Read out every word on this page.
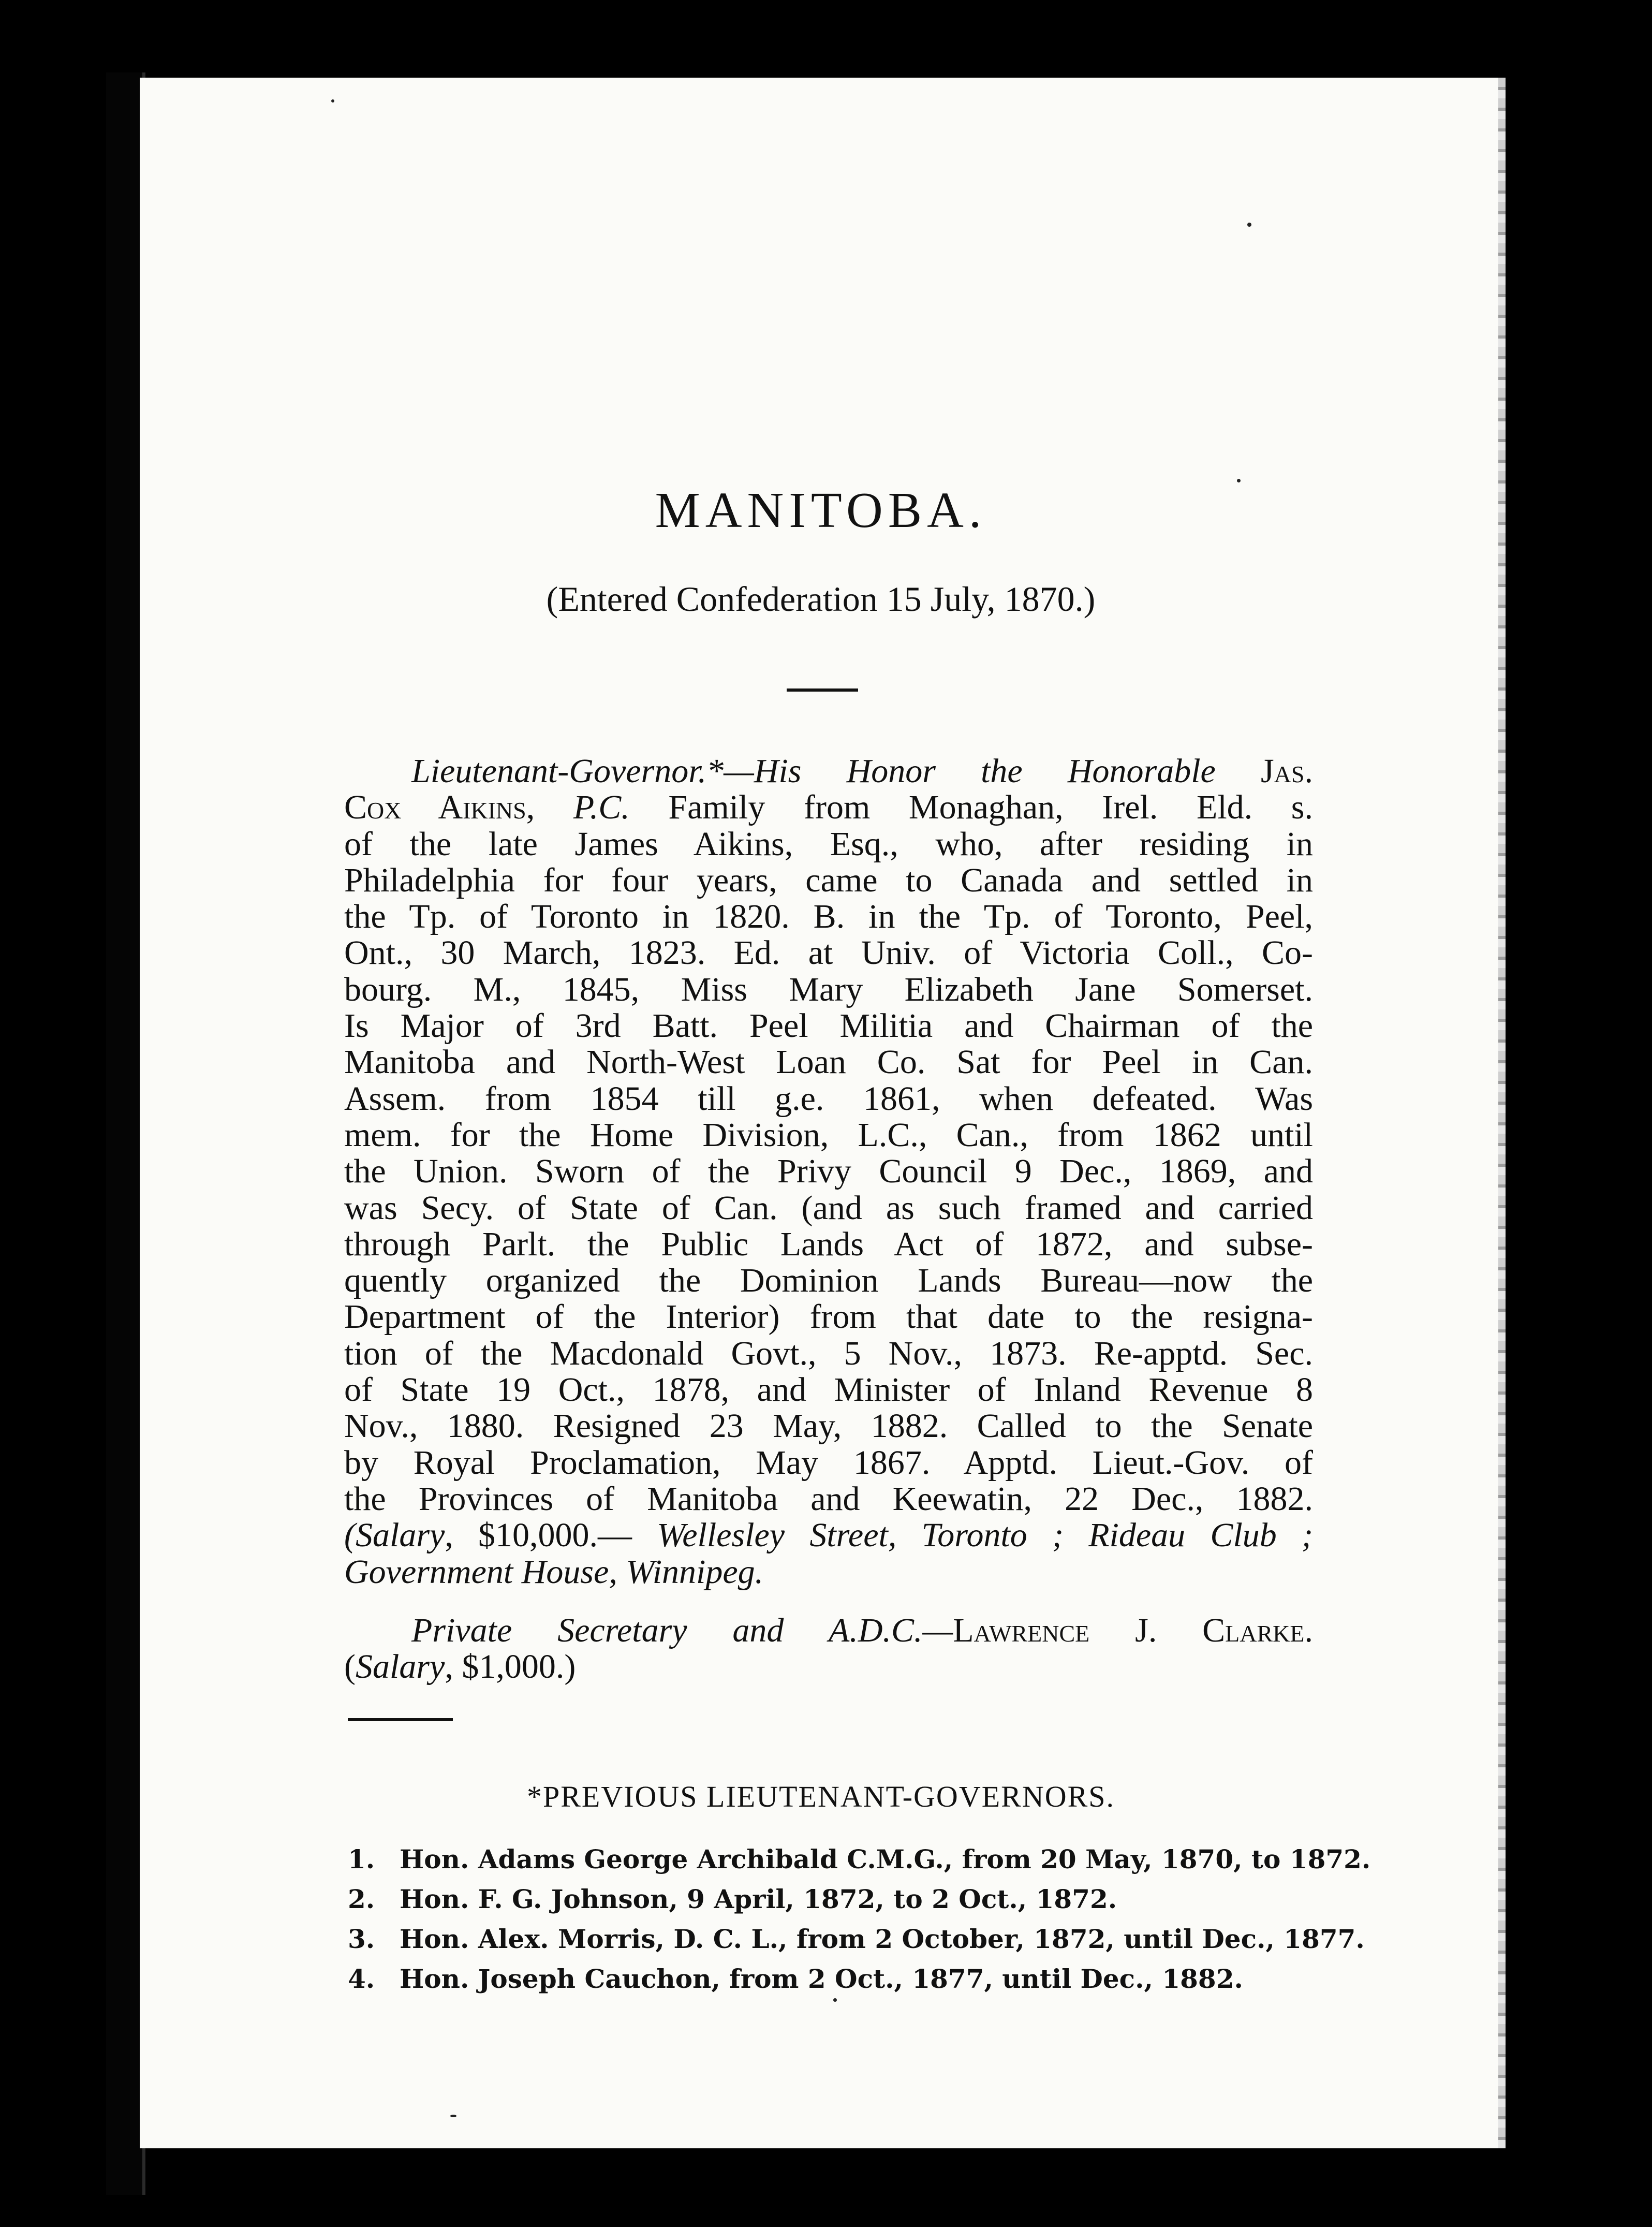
MANITOBA.
(Entered Confederation 15 July, 1870.)
Lieutenant-Governor.*—His Honor the Honorable Jas.
Cox Aikins, P.C. Family from Monaghan, Irel. Eld. s.
of the late James Aikins, Esq., who, after residing in
Philadelphia for four years, came to Canada and settled in
the Tp. of Toronto in 1820. B. in the Tp. of Toronto, Peel,
Ont., 30 March, 1823. Ed. at Univ. of Victoria Coll., Co-
bourg. M., 1845, Miss Mary Elizabeth Jane Somerset.
Is Major of 3rd Batt. Peel Militia and Chairman of the
Manitoba and North-West Loan Co. Sat for Peel in Can.
Assem. from 1854 till g.e. 1861, when defeated. Was
mem. for the Home Division, L.C., Can., from 1862 until
the Union. Sworn of the Privy Council 9 Dec., 1869, and
was Secy. of State of Can. (and as such framed and carried
through Parlt. the Public Lands Act of 1872, and subse-
quently organized the Dominion Lands Bureau—now the
Department of the Interior) from that date to the resigna-
tion of the Macdonald Govt., 5 Nov., 1873. Re-apptd. Sec.
of State 19 Oct., 1878, and Minister of Inland Revenue 8
Nov., 1880. Resigned 23 May, 1882. Called to the Senate
by Royal Proclamation, May 1867. Apptd. Lieut.-Gov. of
the Provinces of Manitoba and Keewatin, 22 Dec., 1882.
(Salary, $10,000.— Wellesley Street, Toronto ; Rideau Club ;
Government House, Winnipeg.
Private Secretary and A.D.C.—Lawrence J. Clarke.
(Salary, $1,000.)
*PREVIOUS LIEUTENANT-GOVERNORS.
1. Hon. Adams George Archibald C.M.G., from 20 May, 1870, to 1872.
2. Hon. F. G. Johnson, 9 April, 1872, to 2 Oct., 1872.
3. Hon. Alex. Morris, D. C. L., from 2 October, 1872, until Dec., 1877.
4. Hon. Joseph Cauchon, from 2 Oct., 1877, until Dec., 1882.
